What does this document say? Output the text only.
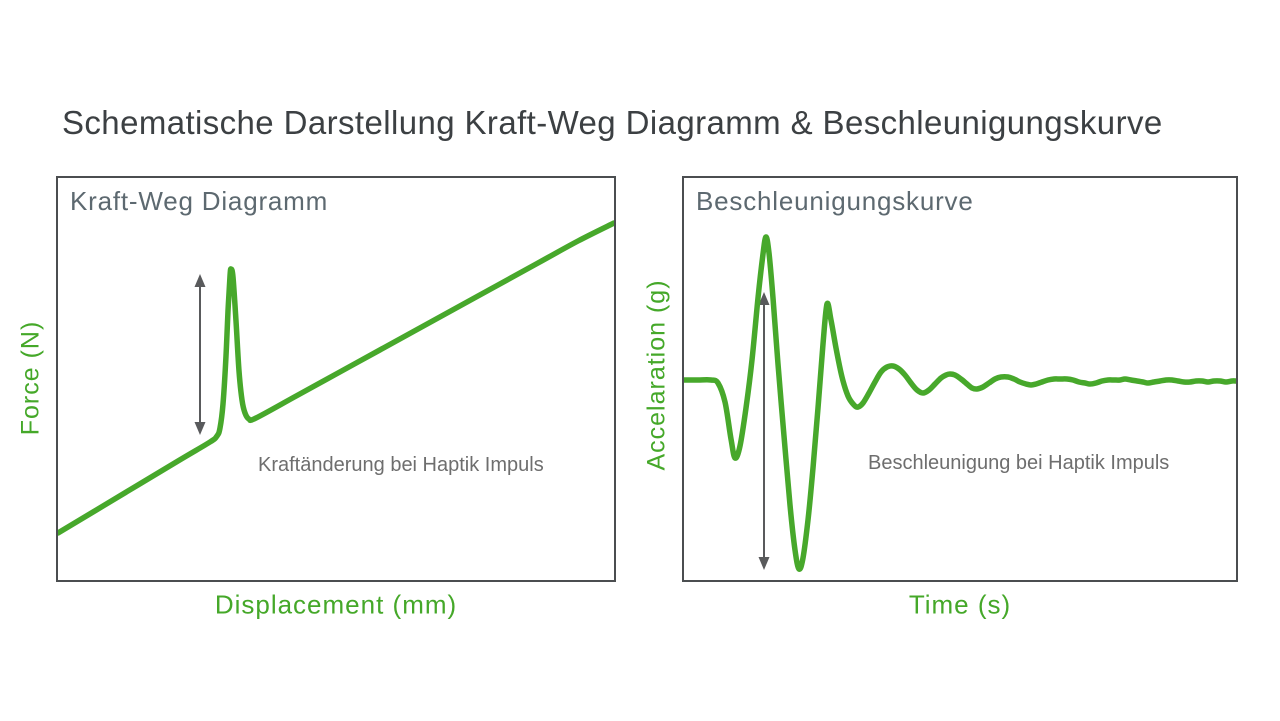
Schematische Darstellung Kraft-Weg Diagramm & Beschleunigungskurve
Kraft-Weg Diagramm
Kraftänderung bei Haptik Impuls
Beschleunigungskurve
Beschleunigung bei Haptik Impuls
Force (N)
Displacement (mm)
Accelaration (g)
Time (s)
